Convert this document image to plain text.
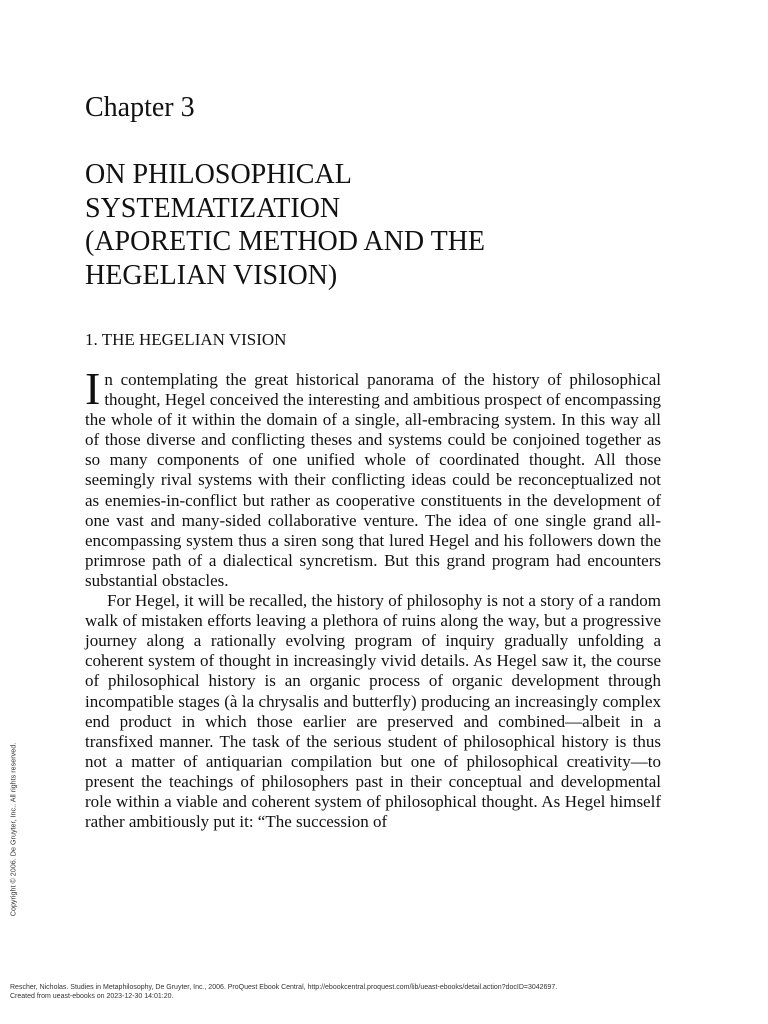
Chapter 3
ON PHILOSOPHICAL
SYSTEMATIZATION
(APORETIC METHOD AND THE
HEGELIAN VISION)
1. THE HEGELIAN VISION

In contemplating the great historical panorama of the history of philosophical thought, Hegel conceived the interesting and ambitious prospect of encompassing the whole of it within the domain of a single, all-embracing system. In this way all of those diverse and conflicting theses and systems could be conjoined together as so many components of one unified whole of coordinated thought. All those seemingly rival systems with their conflicting ideas could be reconceptualized not as enemies-in-conflict but rather as cooperative constituents in the development of one vast and many-sided collaborative venture. The idea of one single grand all-encompassing system thus a siren song that lured Hegel and his followers down the primrose path of a dialectical syncretism. But this grand program had encounters substantial obstacles.

For Hegel, it will be recalled, the history of philosophy is not a story of a random walk of mistaken efforts leaving a plethora of ruins along the way, but a progressive journey along a rationally evolving program of inquiry gradually unfolding a coherent system of thought in increasingly vivid details. As Hegel saw it, the course of philosophical history is an organic process of organic development through incompatible stages (à la chrysalis and butterfly) producing an increasingly complex end product in which those earlier are preserved and combined—albeit in a transfixed manner. The task of the serious student of philosophical history is thus not a matter of antiquarian compilation but one of philosophical creativity—to present the teachings of philosophers past in their conceptual and developmental role within a viable and coherent system of philosophical thought. As Hegel himself rather ambitiously put it: “The succession of

Copyright © 2006. De Gruyter, Inc.. All rights reserved.
Rescher, Nicholas. Studies in Metaphilosophy, De Gruyter, Inc., 2006. ProQuest Ebook Central, http://ebookcentral.proquest.com/lib/ueast-ebooks/detail.action?docID=3042697.
Created from ueast-ebooks on 2023-12-30 14:01:20.
